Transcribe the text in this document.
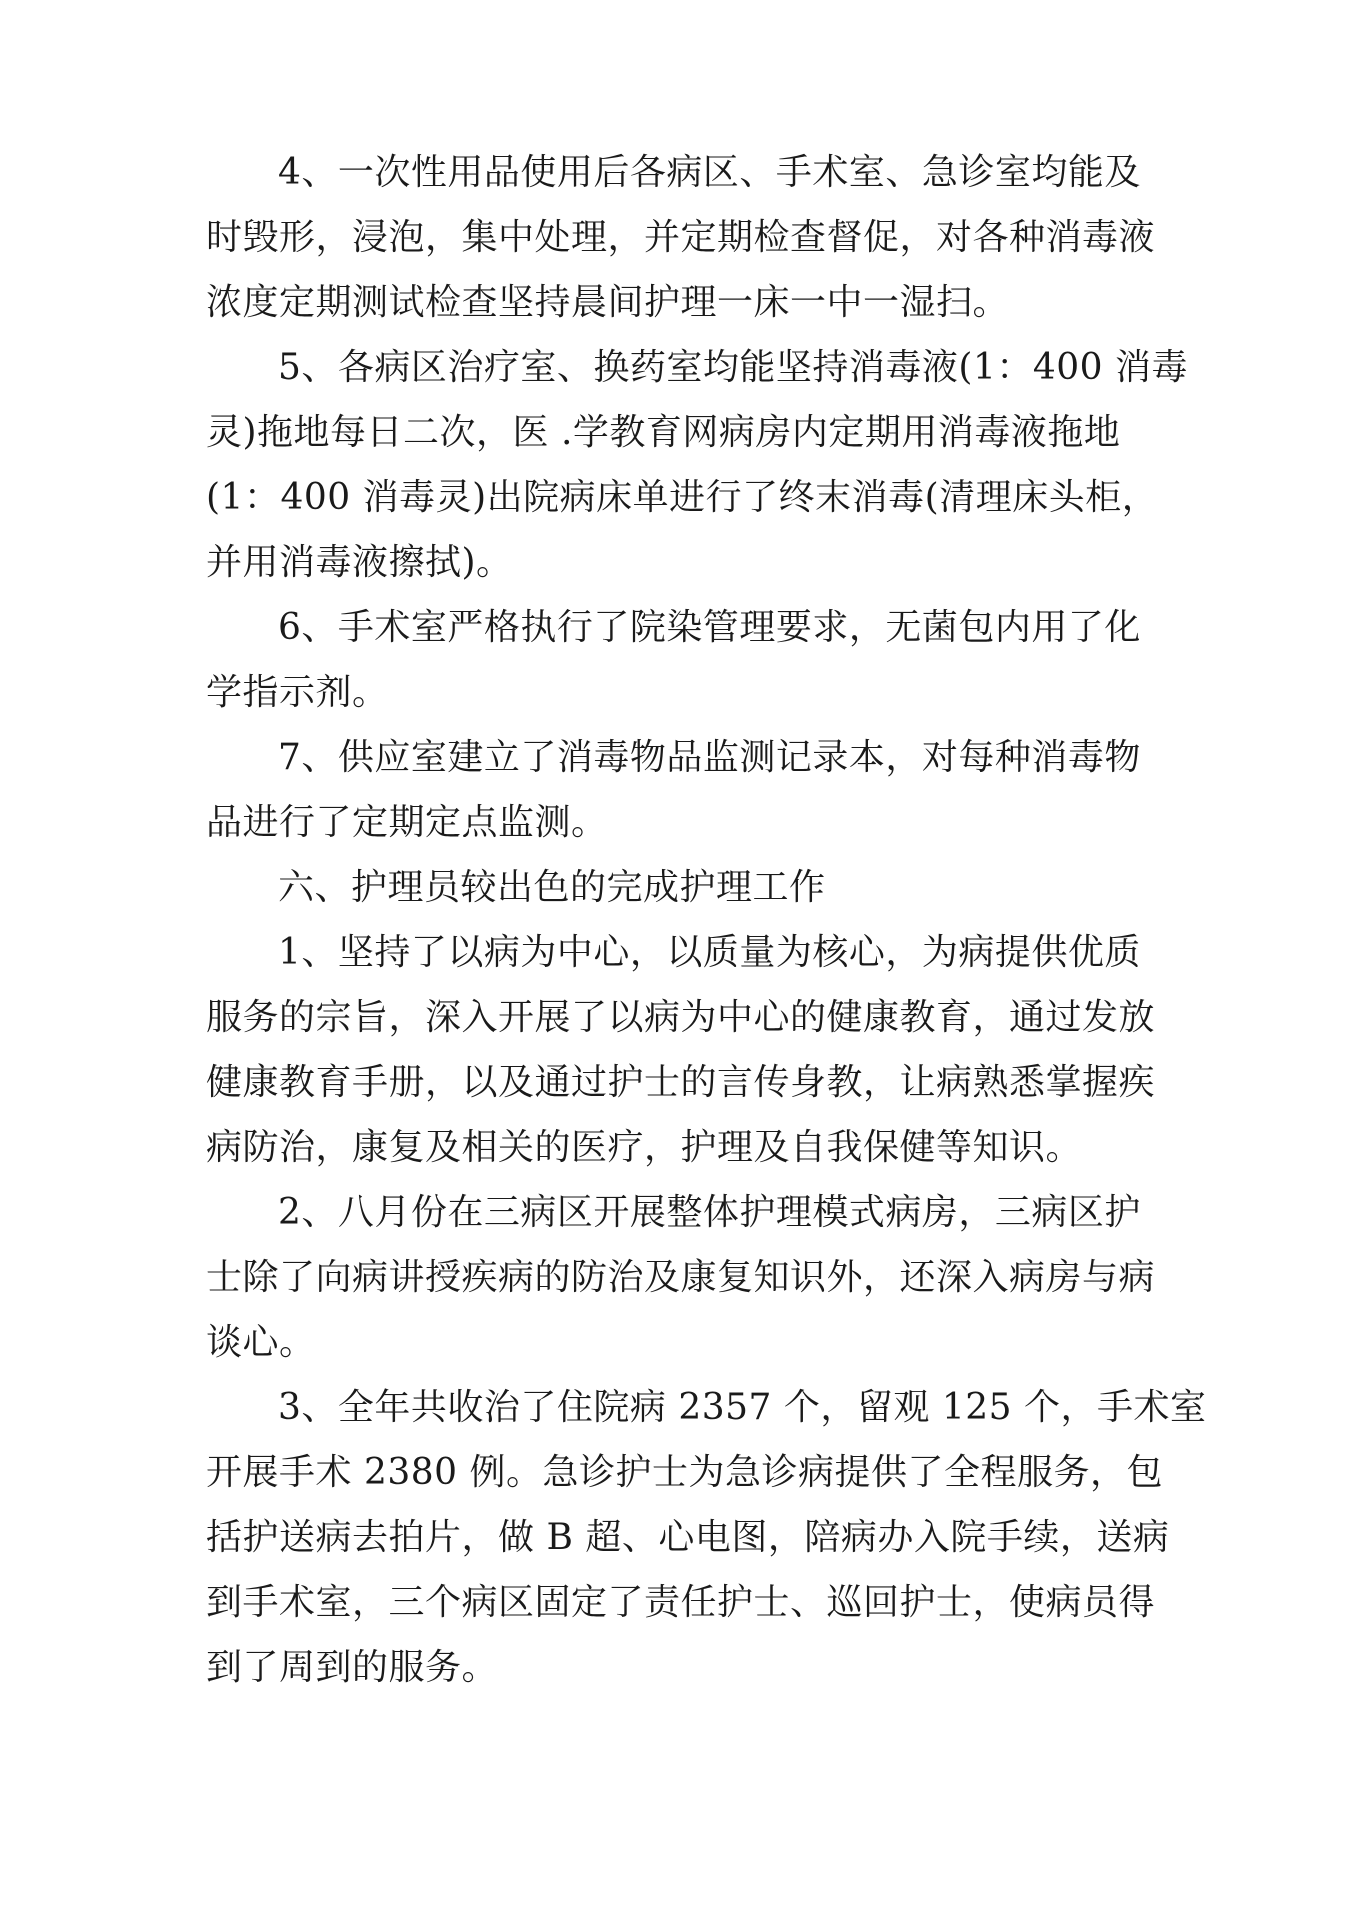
4、一次性用品使用后各病区、手术室、急诊室均能及
时毁形，浸泡，集中处理，并定期检查督促，对各种消毒液
浓度定期测试检查坚持晨间护理一床一中一湿扫。
5、各病区治疗室、换药室均能坚持消毒液(1：400 消毒
灵)拖地每日二次，医 .学教育网病房内定期用消毒液拖地
(1：400 消毒灵)出院病床单进行了终末消毒(清理床头柜，
并用消毒液擦拭)。
6、手术室严格执行了院染管理要求，无菌包内用了化
学指示剂。
7、供应室建立了消毒物品监测记录本，对每种消毒物
品进行了定期定点监测。
六、护理员较出色的完成护理工作
1、坚持了以病为中心，以质量为核心，为病提供优质
服务的宗旨，深入开展了以病为中心的健康教育，通过发放
健康教育手册，以及通过护士的言传身教，让病熟悉掌握疾
病防治，康复及相关的医疗，护理及自我保健等知识。
2、八月份在三病区开展整体护理模式病房，三病区护
士除了向病讲授疾病的防治及康复知识外，还深入病房与病
谈心。
3、全年共收治了住院病 2357 个，留观 125 个，手术室
开展手术 2380 例。急诊护士为急诊病提供了全程服务，包
括护送病去拍片，做 B 超、心电图，陪病办入院手续，送病
到手术室，三个病区固定了责任护士、巡回护士，使病员得
到了周到的服务。
